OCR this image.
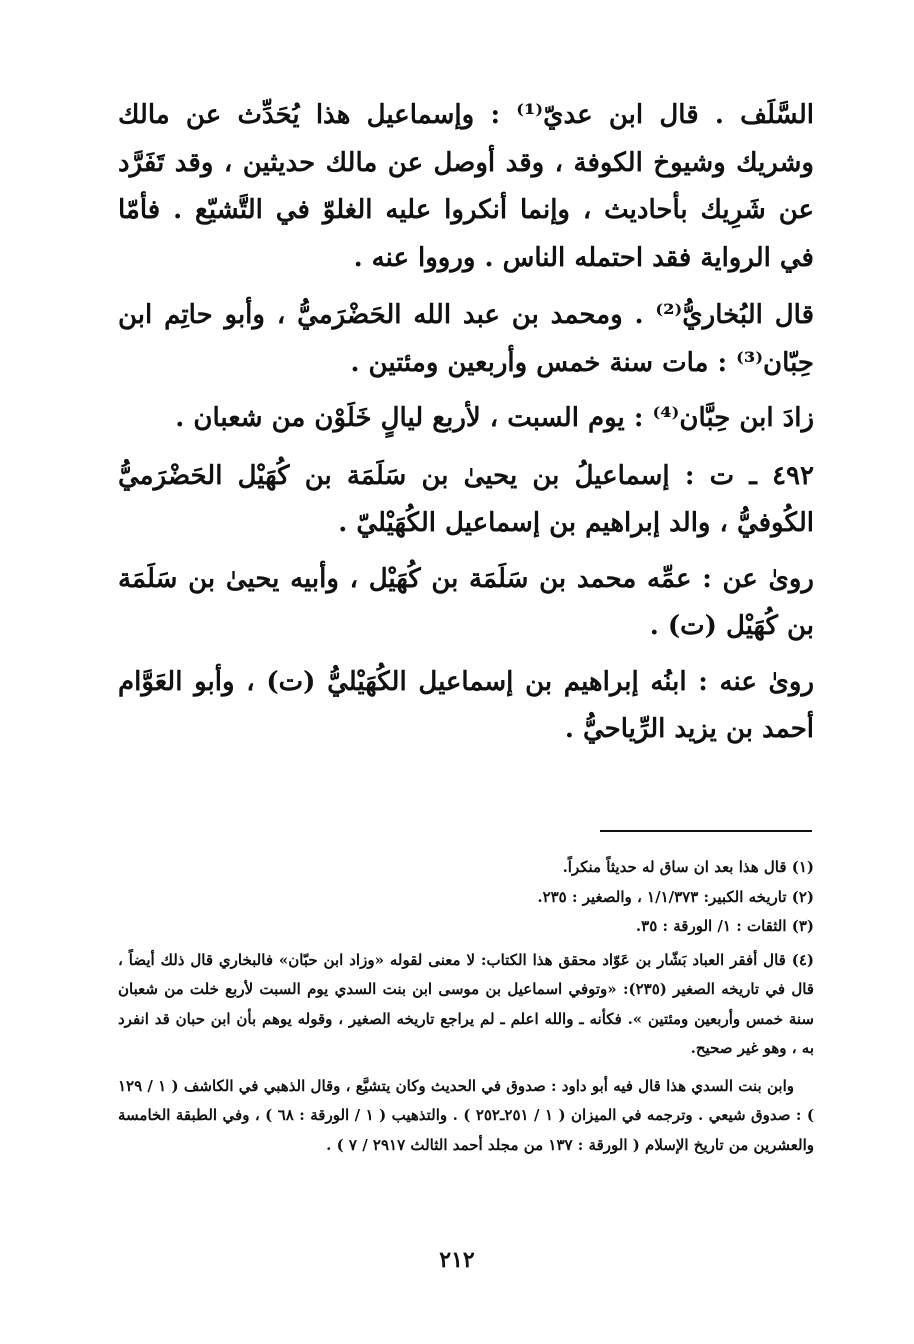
السَّلَف . قال ابن عديّ⁽¹⁾ : وإسماعيل هذا يُحَدِّث عن مالك وشريك وشيوخ الكوفة ، وقد أوصل عن مالك حديثين ، وقد تَفَرَّد عن شَرِيك بأحاديث ، وإنما أنكروا عليه الغلوّ في التَّشيّع . فأمّا في الرواية فقد احتمله الناس . ورووا عنه .

قال البُخاريُّ⁽²⁾ . ومحمد بن عبد الله الحَضْرَميُّ ، وأبو حاتِم ابن حِبّان⁽³⁾ : مات سنة خمس وأربعين ومئتين .

زادَ ابن حِبَّان⁽⁴⁾ : يوم السبت ، لأربع ليالٍ خَلَوْن من شعبان .

٤٩٢ ـ ت : إسماعيلُ بن يحيىٰ بن سَلَمَة بن كُهَيْل الحَضْرَميُّ الكُوفيُّ ، والد إبراهيم بن إسماعيل الكُهَيْليّ .

روىٰ عن : عمِّه محمد بن سَلَمَة بن كُهَيْل ، وأبيه يحيىٰ بن سَلَمَة بن كُهَيْل (ت) .

روىٰ عنه : ابنُه إبراهيم بن إسماعيل الكُهَيْليُّ (ت) ، وأبو العَوَّام أحمد بن يزيد الرِّياحيُّ .

(١) قال هذا بعد ان ساق له حديثاً منكراً.

(٢) تاريخه الكبير: ١/١/٣٧٣ ، والصغير : ٢٣٥.

(٣) الثقات : ١/ الورقة : ٣٥.

(٤) قال أفقر العباد بَشّار بن عَوّاد محقق هذا الكتاب: لا معنى لقوله «وزاد ابن حبّان» فالبخاري قال ذلك أيضاً ، قال في تاريخه الصغير (٢٣٥): «وتوفي اسماعيل بن موسى ابن بنت السدي يوم السبت لأربع خلت من شعبان سنة خمس وأربعين ومئتين ». فكأنه ـ والله اعلم ـ لم يراجع تاريخه الصغير ، وقوله يوهم بأن ابن حبان قد انفرد به ، وهو غير صحيح.

وابن بنت السدي هذا قال فيه أبو داود : صدوق في الحديث وكان يتشيَّع ، وقال الذهبي في الكاشف ( ١ / ١٢٩ ) : صدوق شيعي . وترجمه في الميزان ( ١ / ٢٥١ـ٢٥٢ ) . والتذهيب ( ١ / الورقة : ٦٨ ) ، وفي الطبقة الخامسة والعشرين من تاريخ الإسلام ( الورقة : ١٣٧ من مجلد أحمد الثالث ٢٩١٧ / ٧ ) .

٢١٢
